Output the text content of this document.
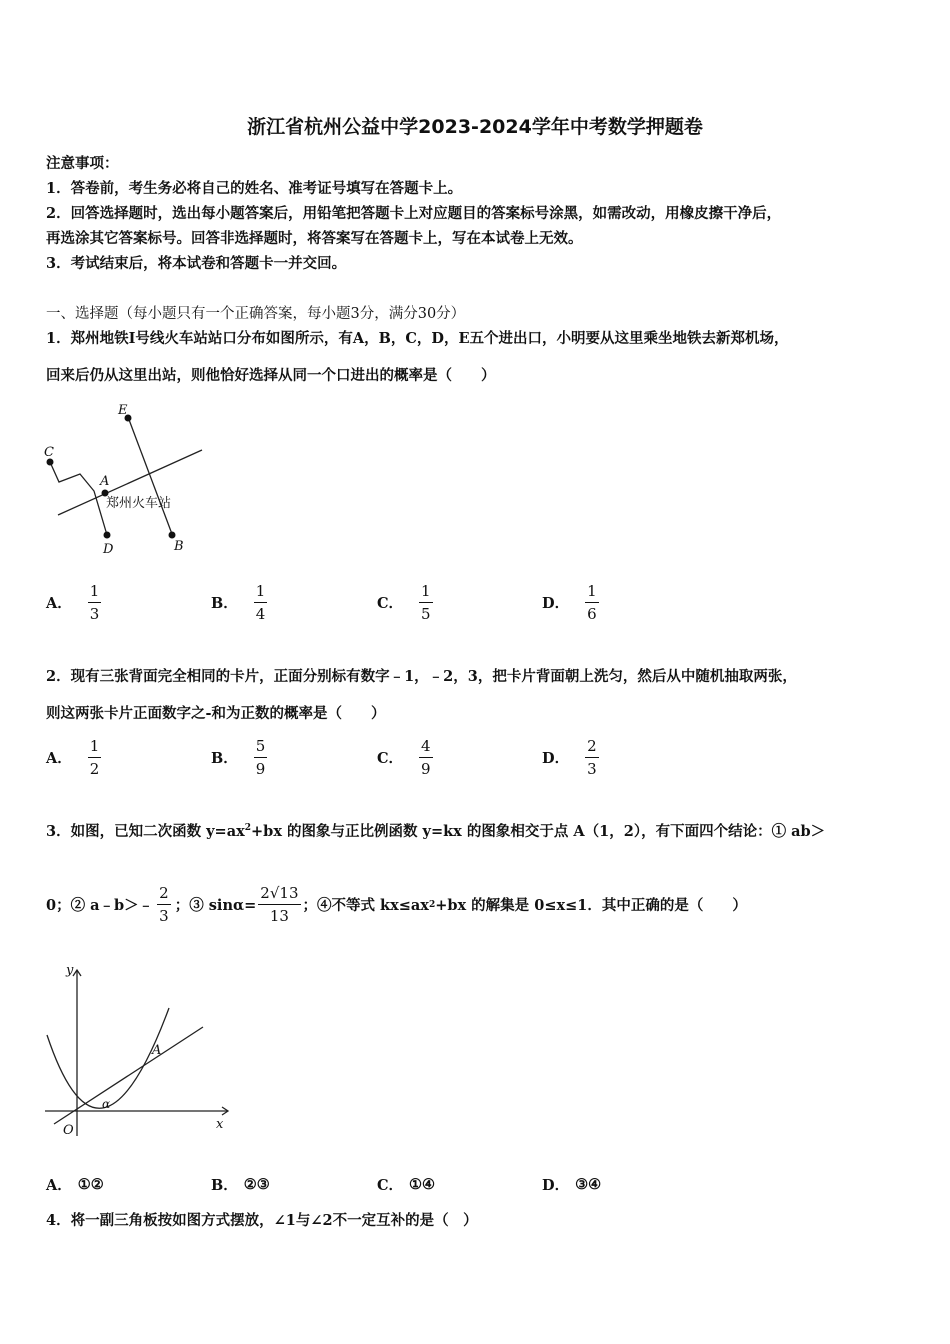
浙江省杭州公益中学2023-2024学年中考数学押题卷
注意事项：
1．答卷前，考生务必将自己的姓名、准考证号填写在答题卡上。
2．回答选择题时，选出每小题答案后，用铅笔把答题卡上对应题目的答案标号涂黑，如需改动，用橡皮擦干净后，
再选涂其它答案标号。回答非选择题时，将答案写在答题卡上，写在本试卷上无效。
3．考试结束后，将本试卷和答题卡一并交回。
一、选择题（每小题只有一个正确答案，每小题3分，满分30分）
1．郑州地铁Ⅰ号线火车站站口分布如图所示，有A，B，C，D，E五个进出口，小明要从这里乘坐地铁去新郑机场，
回来后仍从这里出站，则他恰好选择从同一个口进出的概率是（　　）
E
C
A
D	B
郑州火车站
A． $\frac{1}{3}$	B． $\frac{1}{4}$	C． $\frac{1}{5}$	D． $\frac{1}{6}$
2．现有三张背面完全相同的卡片，正面分别标有数字﹣1，﹣2，3，把卡片背面朝上洗匀，然后从中随机抽取两张，
则这两张卡片正面数字之-和为正数的概率是（　　）
A． $\frac{1}{2}$	B． $\frac{5}{9}$	C． $\frac{4}{9}$	D． $\frac{2}{3}$
3．如图，已知二次函数 $y=ax^2+bx$ 的图象与正比例函数 y=kx 的图象相交于点 A（1，2），有下面四个结论：① ab＞
0；② a﹣b＞﹣ $\frac{2}{3}$ ；③ $\sin\alpha= \frac{2√13}{13}$ ；④不等式 kx≤ax 2 +bx 的解集是 0≤x≤1．其中正确的是（　　）
y
x
O
A
α
A． ①②	B． ②③	C． ①④	D． ③④
4．将一副三角板按如图方式摆放，∠1与∠2不一定互补的是（　）
